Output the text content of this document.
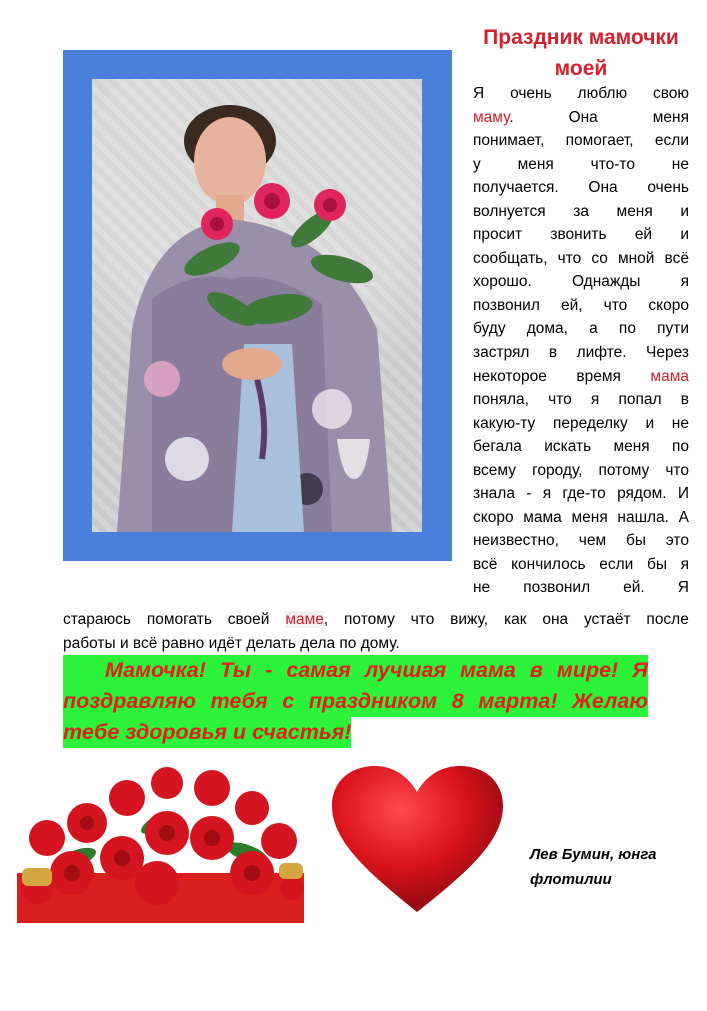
Праздник мамочки
моей
Я очень люблю свою
маму.	Она	меня
понимает, помогает, если
у меня что-то не
получается. Она очень
волнуется за меня и
просит звонить ей и
сообщать, что со мной всё
хорошо.	Однажды	я
позвонил ей, что скоро
буду дома, а по пути
застрял в лифте. Через
некоторое время мама
поняла, что я попал в
какую-ту переделку и не
бегала искать меня по
всему городу, потому что
знала - я где-то рядом. И
скоро мама меня нашла. А
неизвестно, чем бы это
всё кончилось если бы я
не позвонил ей. Я
стараюсь помогать своей маме, потому что вижу, как она устаёт после
работы и всё равно идёт делать дела по дому.
Мамочка! Ты - самая лучшая мама в мире! Я
поздравляю тебя с праздником 8 марта! Желаю
тебе здоровья и счастья!
Лев Бумин, юнга
флотилии
